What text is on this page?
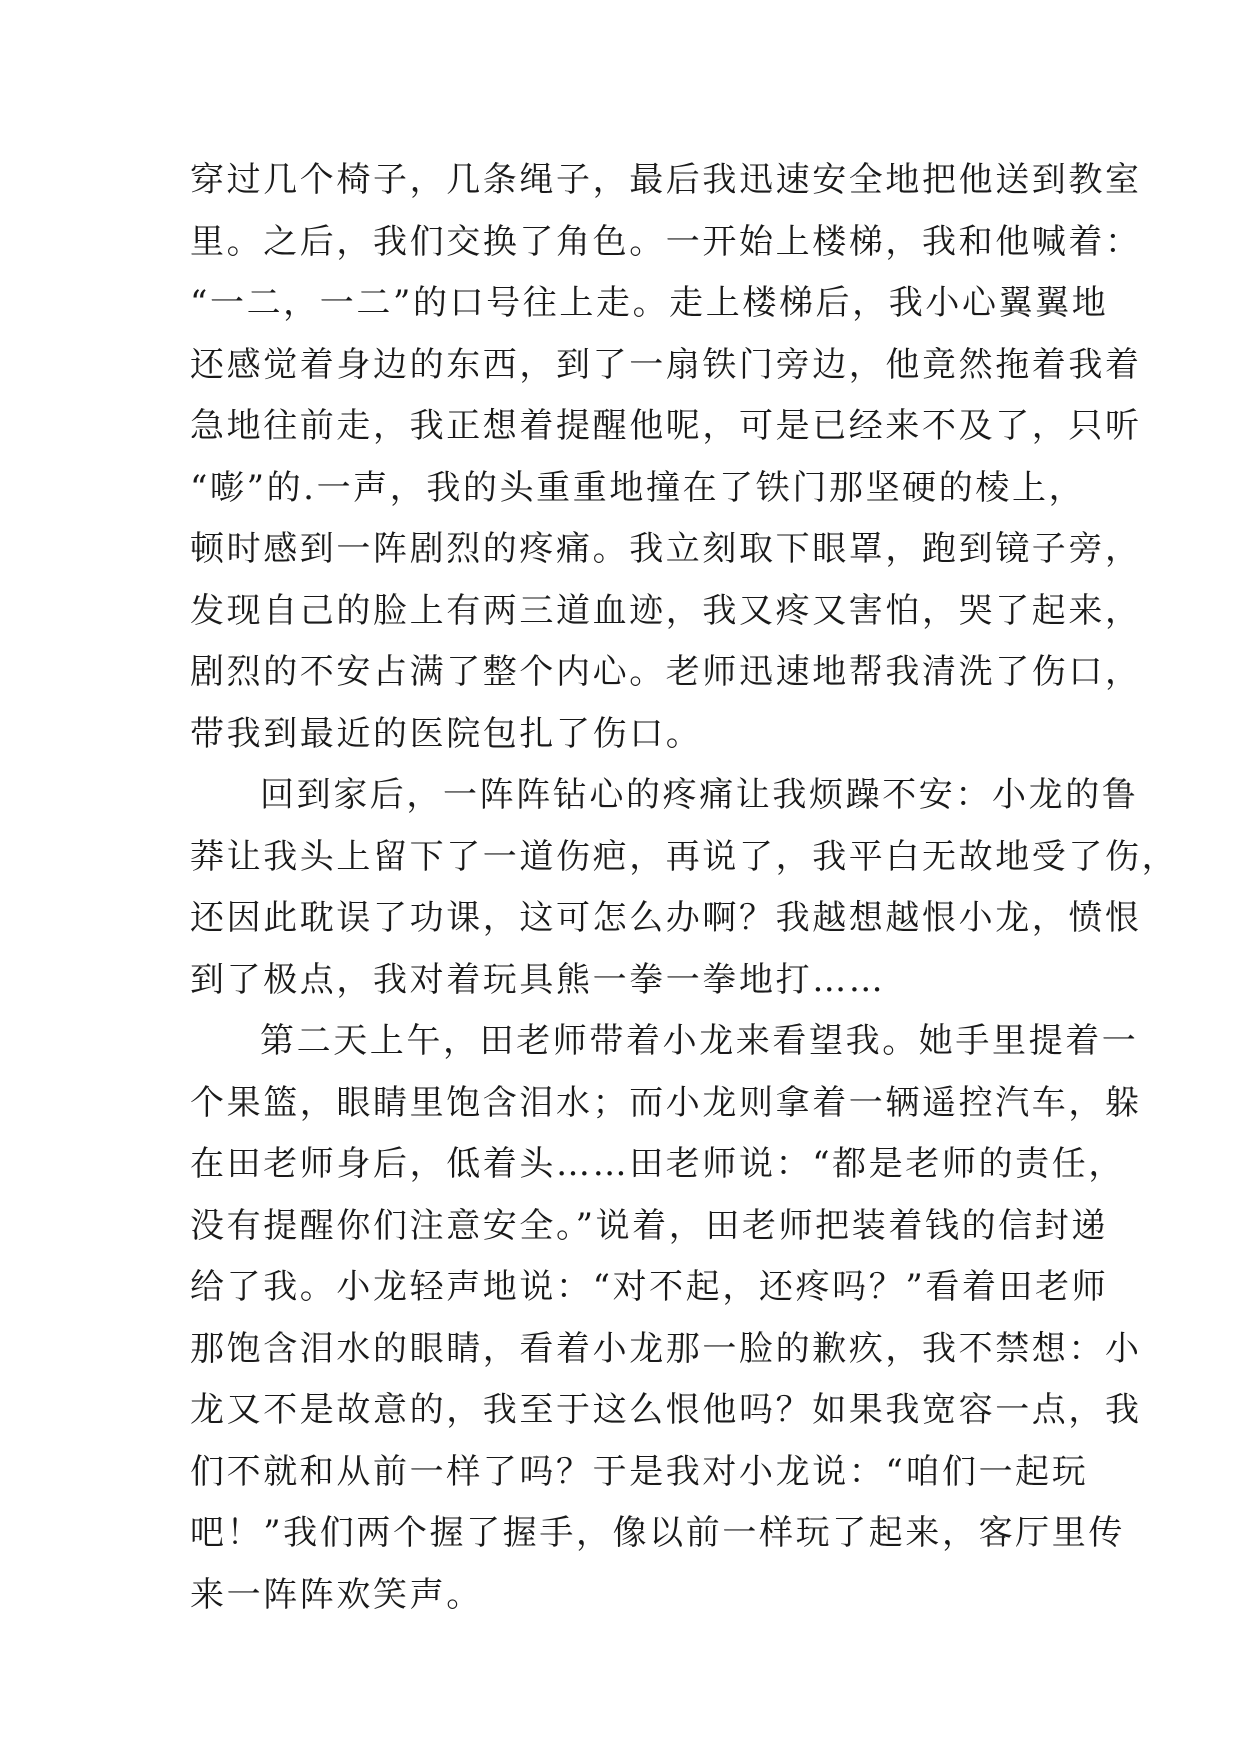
穿过几个椅子，几条绳子，最后我迅速安全地把他送到教室
里。之后，我们交换了角色。一开始上楼梯，我和他喊着：
“一二，一二”的口号往上走。走上楼梯后，我小心翼翼地
还感觉着身边的东西，到了一扇铁门旁边，他竟然拖着我着
急地往前走，我正想着提醒他呢，可是已经来不及了，只听
“嘭”的.一声，我的头重重地撞在了铁门那坚硬的棱上，
顿时感到一阵剧烈的疼痛。我立刻取下眼罩，跑到镜子旁，
发现自己的脸上有两三道血迹，我又疼又害怕，哭了起来，
剧烈的不安占满了整个内心。老师迅速地帮我清洗了伤口，
带我到最近的医院包扎了伤口。
回到家后，一阵阵钻心的疼痛让我烦躁不安：小龙的鲁
莽让我头上留下了一道伤疤，再说了，我平白无故地受了伤，
还因此耽误了功课，这可怎么办啊？我越想越恨小龙，愤恨
到了极点，我对着玩具熊一拳一拳地打……
第二天上午，田老师带着小龙来看望我。她手里提着一
个果篮，眼睛里饱含泪水；而小龙则拿着一辆遥控汽车，躲
在田老师身后，低着头……田老师说：“都是老师的责任，
没有提醒你们注意安全。”说着，田老师把装着钱的信封递
给了我。小龙轻声地说：“对不起，还疼吗？”看着田老师
那饱含泪水的眼睛，看着小龙那一脸的歉疚，我不禁想：小
龙又不是故意的，我至于这么恨他吗？如果我宽容一点，我
们不就和从前一样了吗？于是我对小龙说：“咱们一起玩
吧！”我们两个握了握手，像以前一样玩了起来，客厅里传
来一阵阵欢笑声。
